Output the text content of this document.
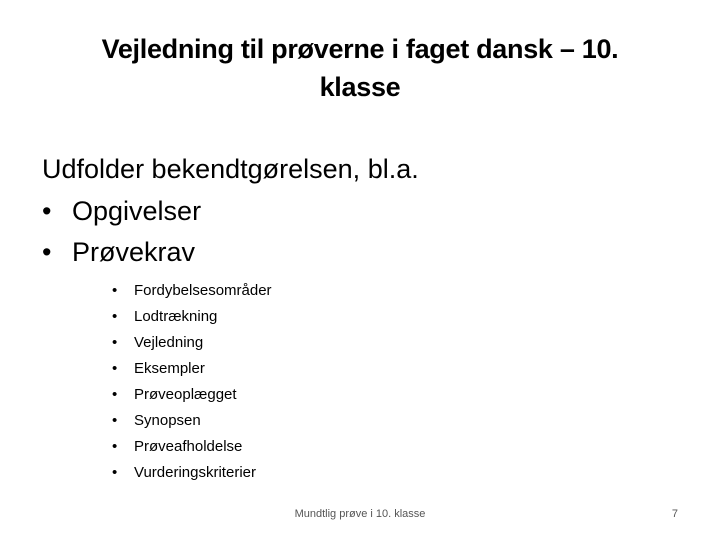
Vejledning til prøverne i faget dansk – 10.
klasse
Udfolder bekendtgørelsen, bl.a.
• Opgivelser
• Prøvekrav
• Fordybelsesområder
• Lodtrækning
• Vejledning
• Eksempler
• Prøveoplægget
• Synopsen
• Prøveafholdelse
• Vurderingskriterier
Mundtlig prøve i 10. klasse	7
